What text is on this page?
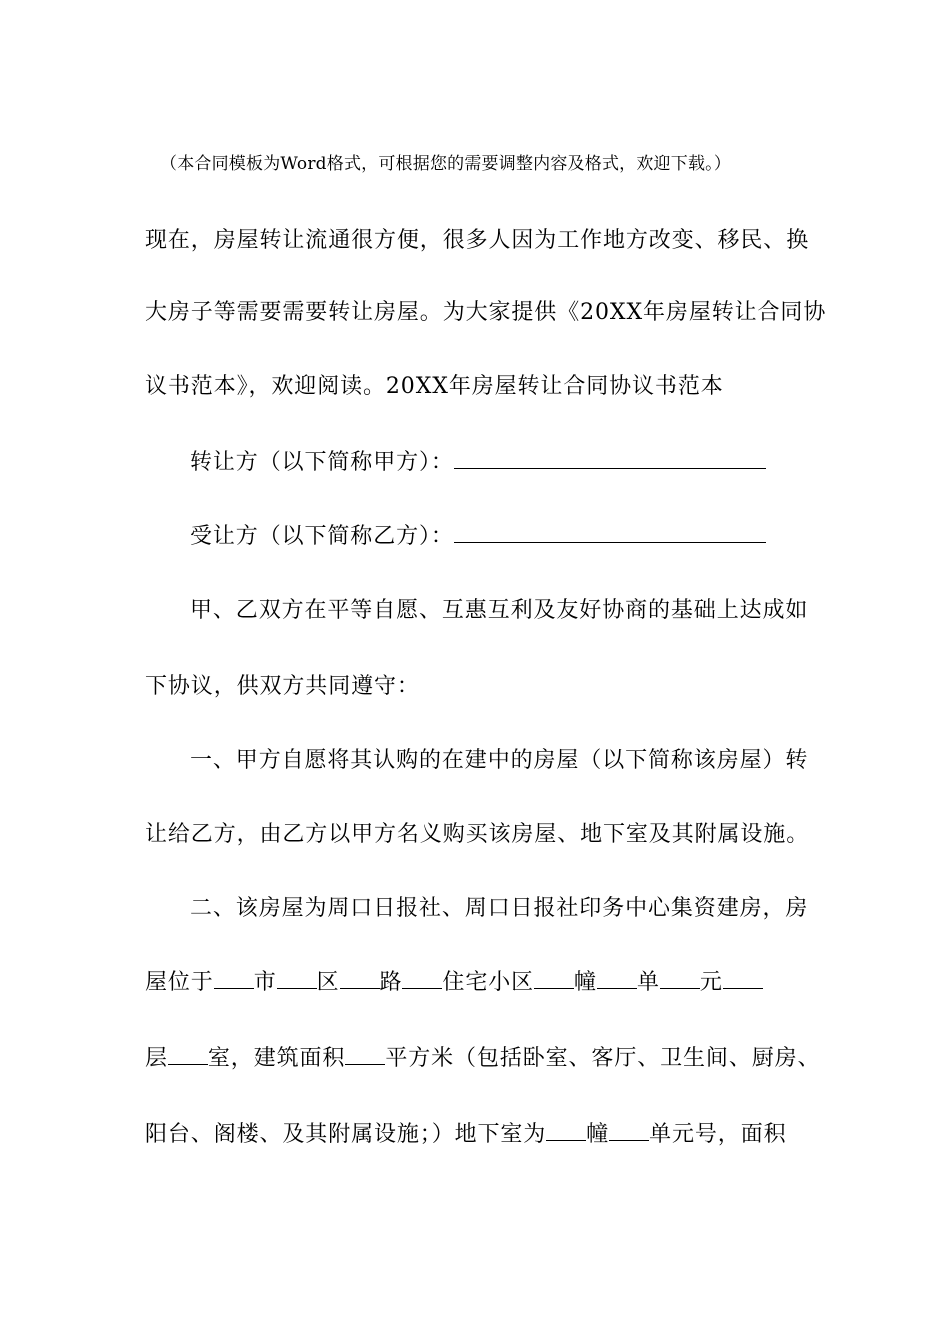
（本合同模板为Word格式，可根据您的需要调整内容及格式，欢迎下载。）
现在，房屋转让流通很方便，很多人因为工作地方改变、移民、换
大房子等需要需要转让房屋。为大家提供《20XX年房屋转让合同协
议书范本》，欢迎阅读。20XX年房屋转让合同协议书范本
转让方（以下简称甲方）：
受让方（以下简称乙方）：
甲、乙双方在平等自愿、互惠互利及友好协商的基础上达成如
下协议，供双方共同遵守：
一、甲方自愿将其认购的在建中的房屋（以下简称该房屋）转
让给乙方，由乙方以甲方名义购买该房屋、地下室及其附属设施。
二、该房屋为周口日报社、周口日报社印务中心集资建房，房
屋位于 市 区 路 住宅小区 幢 单 元
层 室，建筑面积 平方米（包括卧室、客厅、卫生间、厨房、
阳台、阁楼、及其附属设施；）地下室为 幢 单元号，面积
